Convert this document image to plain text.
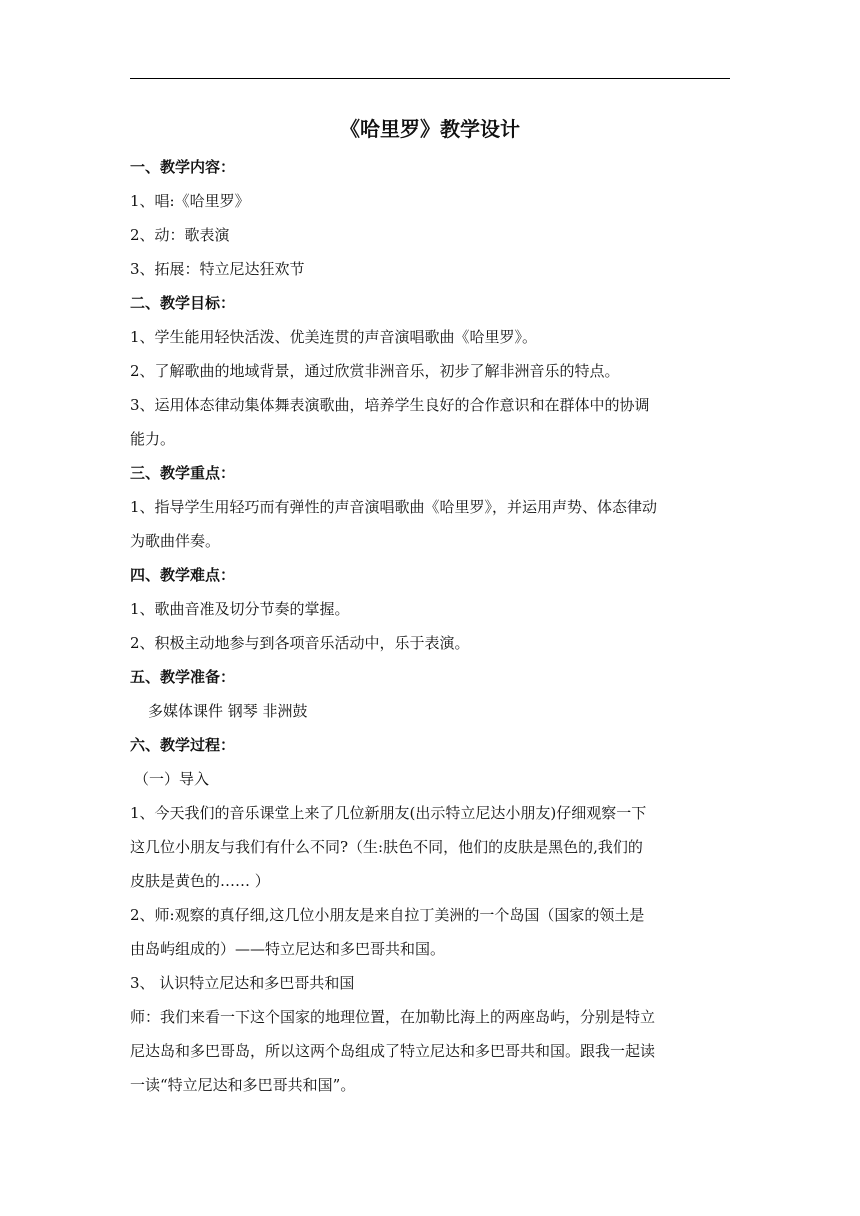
《哈里罗》教学设计
一、教学内容：
1、唱:《哈里罗》
2、动：歌表演
3、拓展：特立尼达狂欢节
二、教学目标：
1、学生能用轻快活泼、优美连贯的声音演唱歌曲《哈里罗》。
2、了解歌曲的地域背景，通过欣赏非洲音乐，初步了解非洲音乐的特点。
3、运用体态律动集体舞表演歌曲，培养学生良好的合作意识和在群体中的协调
能力。
三、教学重点：
1、指导学生用轻巧而有弹性的声音演唱歌曲《哈里罗》，并运用声势、体态律动
为歌曲伴奏。
四、教学难点：
1、歌曲音准及切分节奏的掌握。
2、积极主动地参与到各项音乐活动中，乐于表演。
五、教学准备：
多媒体课件 钢琴 非洲鼓
六、教学过程：
（一）导入
1、今天我们的音乐课堂上来了几位新朋友(出示特立尼达小朋友)仔细观察一下
这几位小朋友与我们有什么不同?（生:肤色不同，他们的皮肤是黑色的,我们的
皮肤是黄色的…… ）
2、师:观察的真仔细,这几位小朋友是来自拉丁美洲的一个岛国（国家的领土是
由岛屿组成的）——特立尼达和多巴哥共和国。
3、 认识特立尼达和多巴哥共和国
师：我们来看一下这个国家的地理位置，在加勒比海上的两座岛屿，分别是特立
尼达岛和多巴哥岛，所以这两个岛组成了特立尼达和多巴哥共和国。跟我一起读
一读“特立尼达和多巴哥共和国”。
